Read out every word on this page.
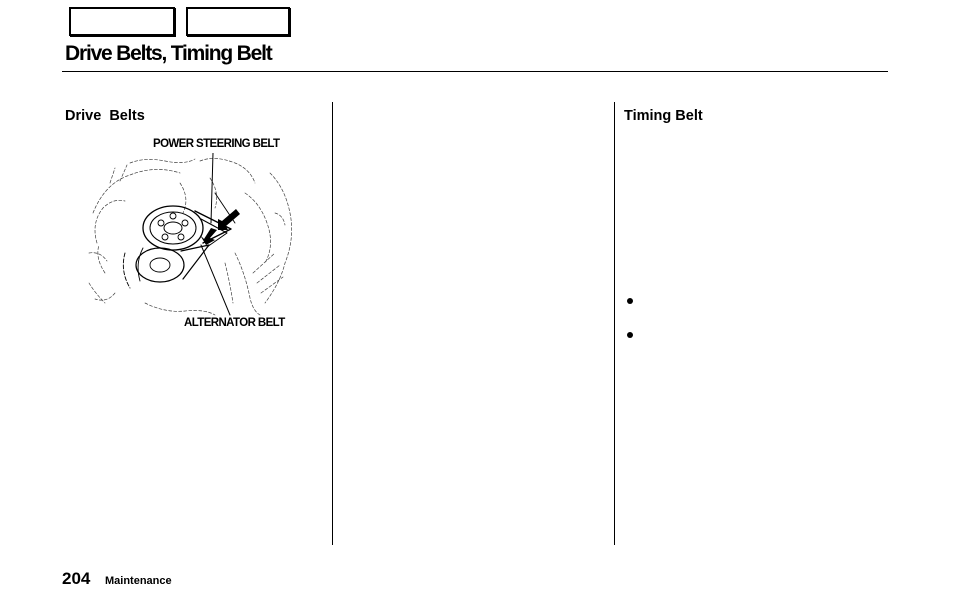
Drive Belts, Timing Belt
Drive  Belts
POWER STEERING BELT
ALTERNATOR BELT
Timing Belt
204 Maintenance
